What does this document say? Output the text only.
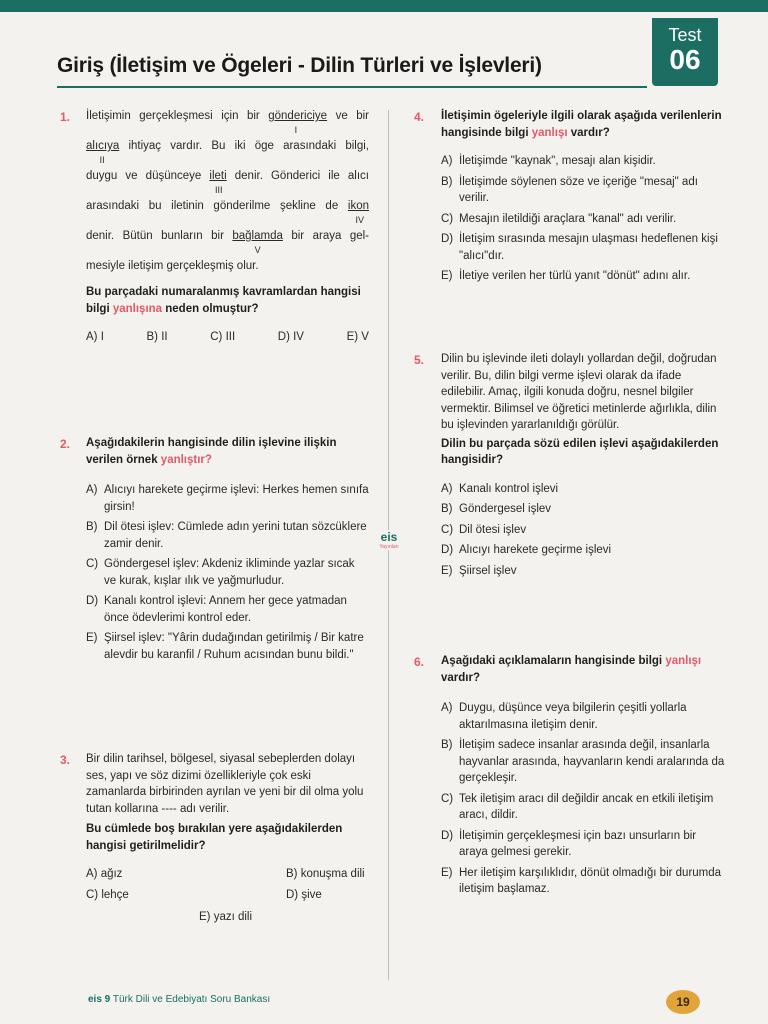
Giriş (İletişim ve Ögeleri - Dilin Türleri ve İşlevleri)
Test
06
eis
Yayınları
1. İletişimin gerçekleşmesi için bir göndericiye ve bir
I
alıcıya ihtiyaç vardır. Bu iki öge arasındaki bilgi,
II
duygu ve düşünceye ileti denir. Gönderici ile alıcı
III
arasındaki bu iletinin gönderilme şekline de ikon
IV
denir. Bütün bunların bir bağlamda bir araya gel-
V
mesiyle iletişim gerçekleşmiş olur.

Bu parçadaki numaralanmış kavramlardan hangisi bilgi yanlışına neden olmuştur?

A) I	B) II	C) III	D) IV	E) V
2. Aşağıdakilerin hangisinde dilin işlevine ilişkin verilen örnek yanlıştır?

A) Alıcıyı harekete geçirme işlevi: Herkes hemen sınıfa girsin!
B) Dil ötesi işlev: Cümlede adın yerini tutan sözcüklere zamir denir.
C) Göndergesel işlev: Akdeniz ikliminde yazlar sıcak ve kurak, kışlar ılık ve yağmurludur.
D) Kanalı kontrol işlevi: Annem her gece yatmadan önce ödevlerimi kontrol eder.
E) Şiirsel işlev: "Yârin dudağından getirilmiş / Bir katre alevdir bu karanfil / Ruhum acısından bunu bildi."
3. Bir dilin tarihsel, bölgesel, siyasal sebeplerden dolayı ses, yapı ve söz dizimi özellikleriyle çok eski zamanlarda birbirinden ayrılan ve yeni bir dil olma yolu tutan kollarına ---- adı verilir.

Bu cümlede boş bırakılan yere aşağıdakilerden hangisi getirilmelidir?

A) ağız	B) konuşma dili
C) lehçe	D) şive
E) yazı dili
4. İletişimin ögeleriyle ilgili olarak aşağıda verilenlerin hangisinde bilgi yanlışı vardır?

A) İletişimde "kaynak", mesajı alan kişidir.
B) İletişimde söylenen söze ve içeriğe "mesaj" adı verilir.
C) Mesajın iletildiği araçlara "kanal" adı verilir.
D) İletişim sırasında mesajın ulaşması hedeflenen kişi "alıcı"dır.
E) İletiye verilen her türlü yanıt "dönüt" adını alır.
5. Dilin bu işlevinde ileti dolaylı yollardan değil, doğrudan verilir. Bu, dilin bilgi verme işlevi olarak da ifade edilebilir. Amaç, ilgili konuda doğru, nesnel bilgiler vermektir. Bilimsel ve öğretici metinlerde ağırlıkla, dilin bu işlevinden yararlanıldığı görülür.

Dilin bu parçada sözü edilen işlevi aşağıdakilerden hangisidir?

A) Kanalı kontrol işlevi
B) Göndergesel işlev
C) Dil ötesi işlev
D) Alıcıyı harekete geçirme işlevi
E) Şiirsel işlev
6. Aşağıdaki açıklamaların hangisinde bilgi yanlışı vardır?

A) Duygu, düşünce veya bilgilerin çeşitli yollarla aktarılmasına iletişim denir.
B) İletişim sadece insanlar arasında değil, insanlarla hayvanlar arasında, hayvanların kendi aralarında da gerçekleşir.
C) Tek iletişim aracı dil değildir ancak en etkili iletişim aracı, dildir.
D) İletişimin gerçekleşmesi için bazı unsurların bir araya gelmesi gerekir.
E) Her iletişim karşılıklıdır, dönüt olmadığı bir durumda iletişim başlamaz.
eis 9 Türk Dili ve Edebiyatı Soru Bankası	19
